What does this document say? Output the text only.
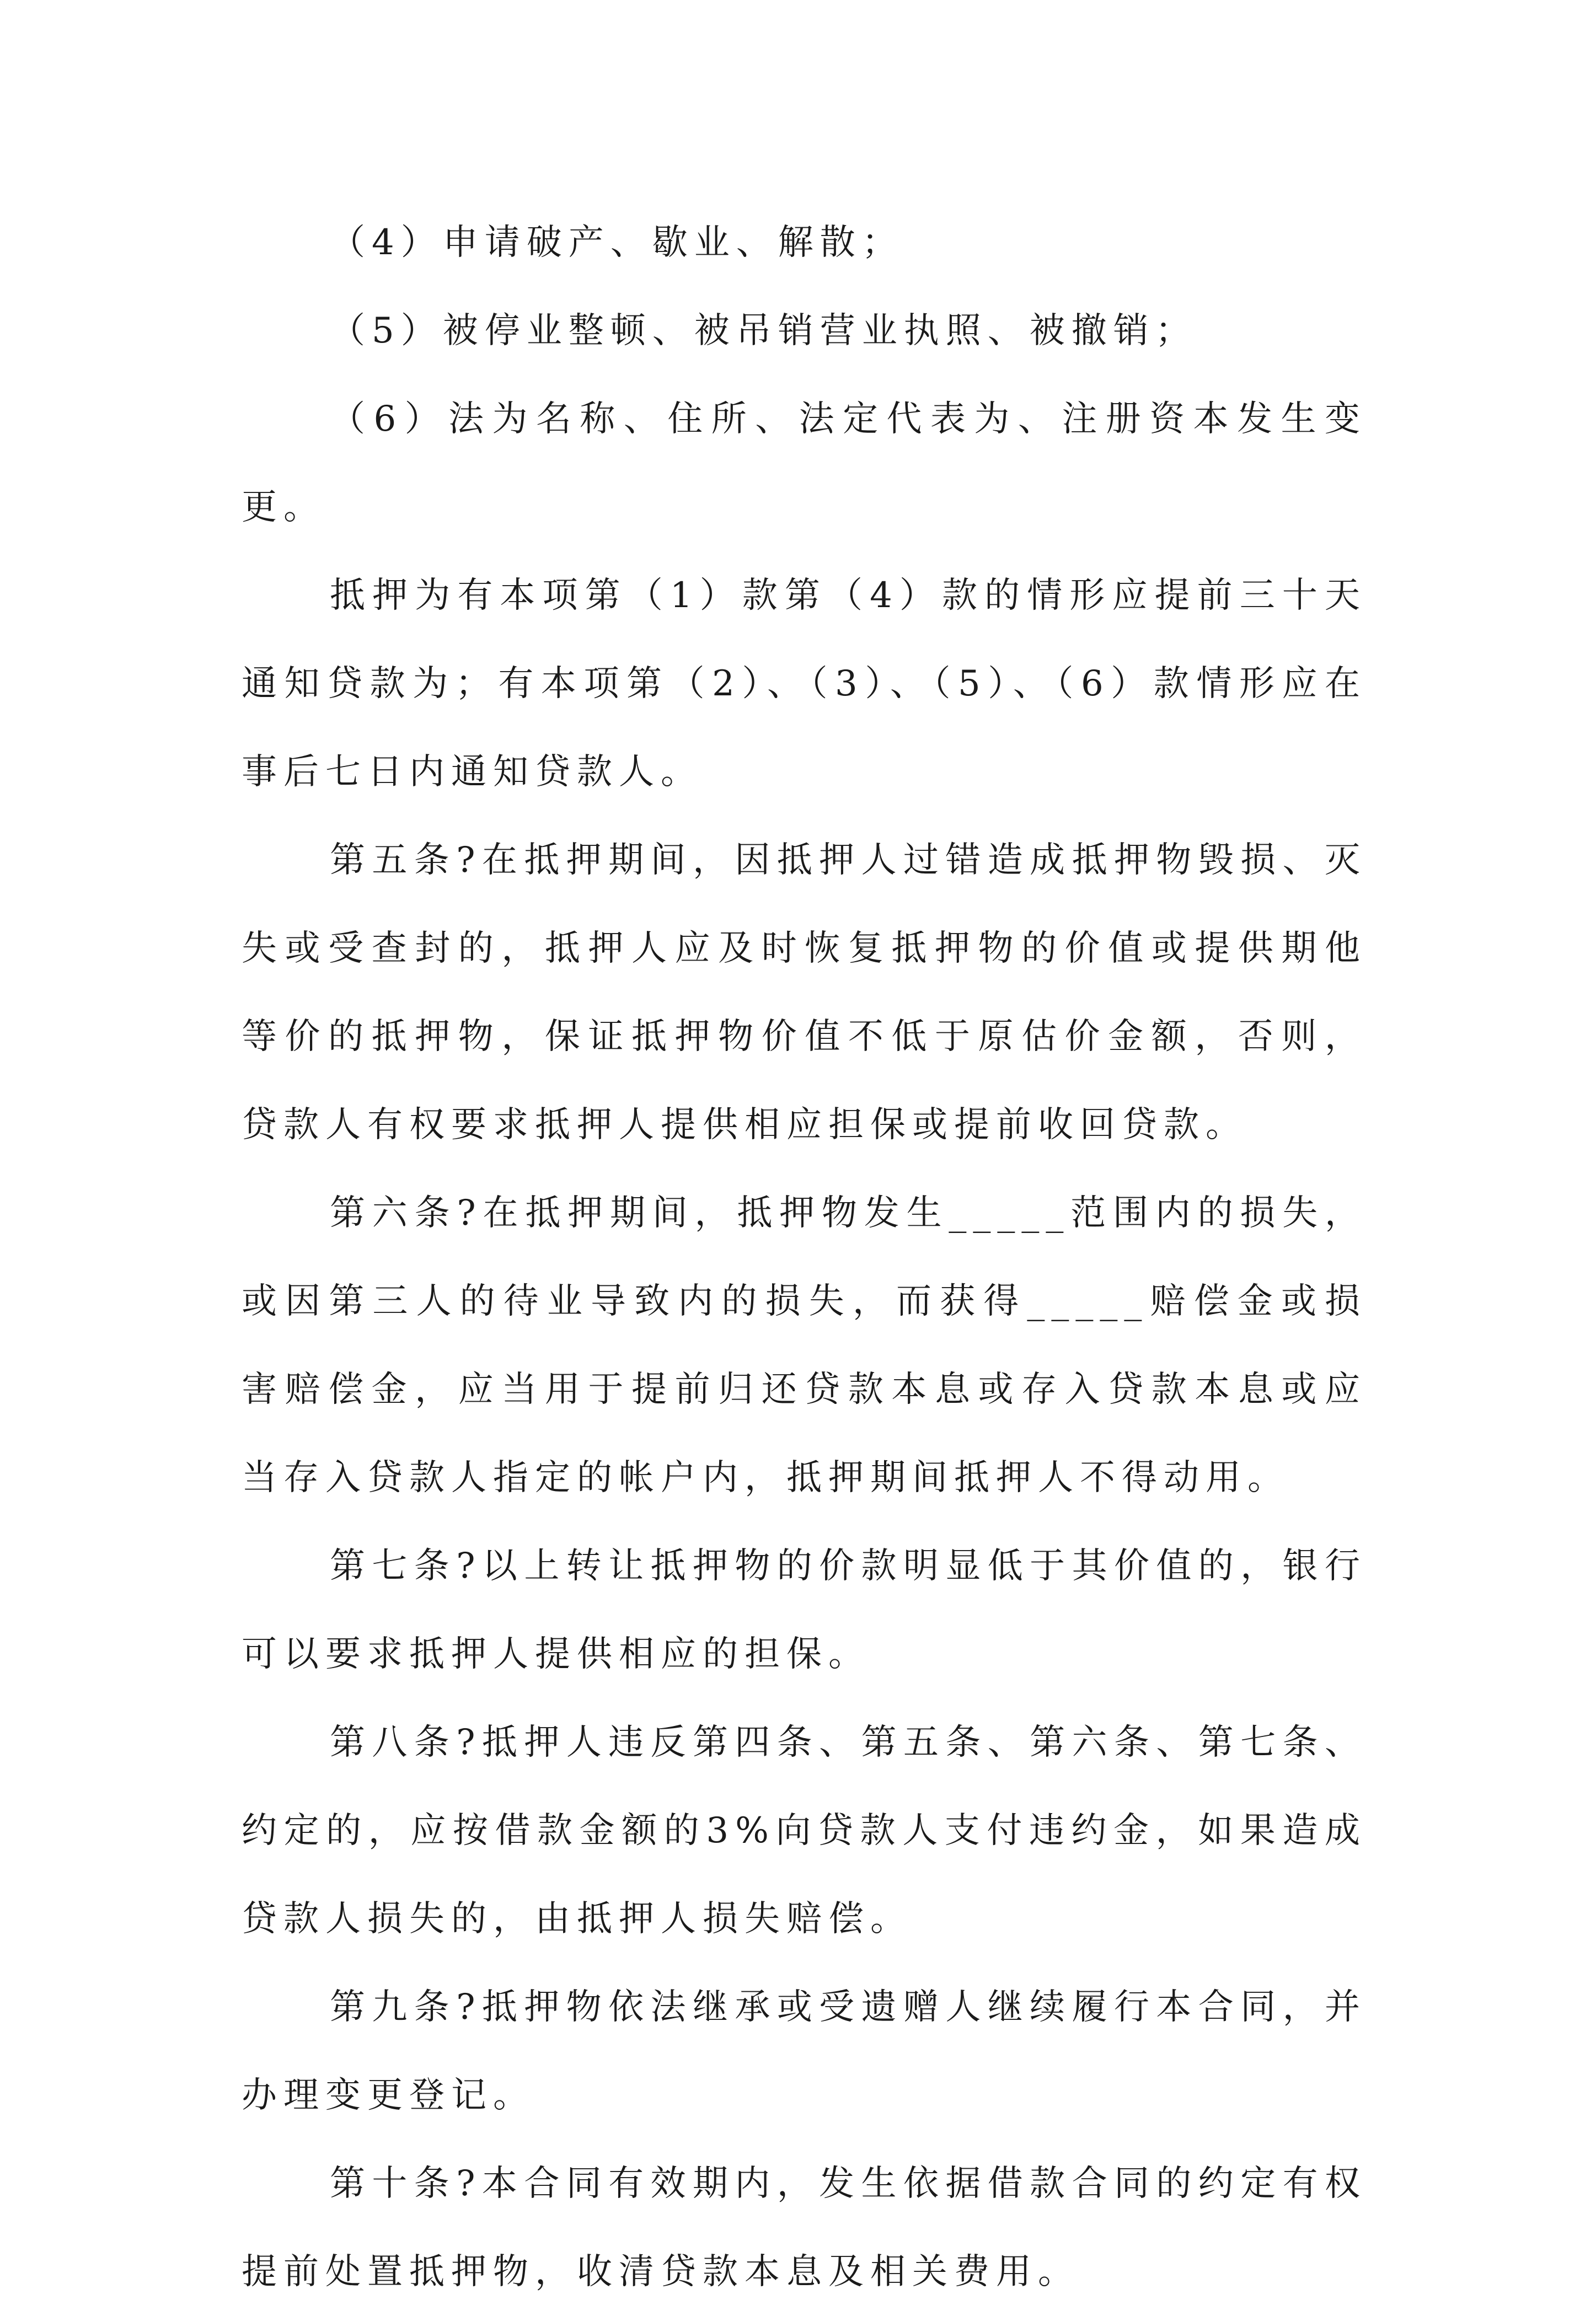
（4）申请破产、歇业、解散；

（5）被停业整顿、被吊销营业执照、被撤销；

（6）法为名称、住所、法定代表为、注册资本发生变更。

抵押为有本项第（1）款第（4）款的情形应提前三十天通知贷款为；有本项第（2）、（3）、（5）、（6）款情形应在事后七日内通知贷款人。

第五条?在抵押期间，因抵押人过错造成抵押物毁损、灭失或受查封的，抵押人应及时恢复抵押物的价值或提供期他等价的抵押物，保证抵押物价值不低于原估价金额，否则，贷款人有权要求抵押人提供相应担保或提前收回贷款。

第六条?在抵押期间，抵押物发生_____范围内的损失，或因第三人的待业导致内的损失，而获得_____赔偿金或损害赔偿金，应当用于提前归还贷款本息或存入贷款本息或应当存入贷款人指定的帐户内，抵押期间抵押人不得动用。

第七条?以上转让抵押物的价款明显低于其价值的，银行可以要求抵押人提供相应的担保。

第八条?抵押人违反第四条、第五条、第六条、第七条、约定的，应按借款金额的3%向贷款人支付违约金，如果造成贷款人损失的，由抵押人损失赔偿。

第九条?抵押物依法继承或受遗赠人继续履行本合同，并办理变更登记。

第十条?本合同有效期内，发生依据借款合同的约定有权提前处置抵押物，收清贷款本息及相关费用。
